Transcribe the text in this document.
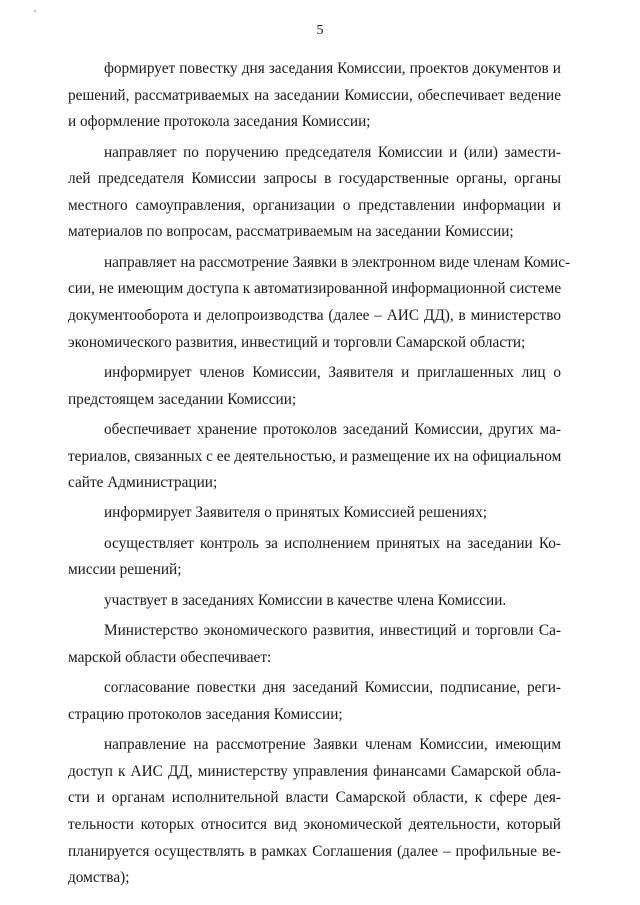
5
формирует повестку дня заседания Комиссии, проектов документов и
решений, рассматриваемых на заседании Комиссии, обеспечивает ведение
и оформление протокола заседания Комиссии;
направляет по поручению председателя Комиссии и (или) замести-
лей председателя Комиссии запросы в государственные органы, органы
местного самоуправления, организации о представлении информации и
материалов по вопросам, рассматриваемым на заседании Комиссии;
направляет на рассмотрение Заявки в электронном виде членам Комис-
сии, не имеющим доступа к автоматизированной информационной системе
документооборота и делопроизводства (далее – АИС ДД), в министерство
экономического развития, инвестиций и торговли Самарской области;
информирует членов Комиссии, Заявителя и приглашенных лиц о
предстоящем заседании Комиссии;
обеспечивает хранение протоколов заседаний Комиссии, других ма-
териалов, связанных с ее деятельностью, и размещение их на официальном
сайте Администрации;
информирует Заявителя о принятых Комиссией решениях;
осуществляет контроль за исполнением принятых на заседании Ко-
миссии решений;
участвует в заседаниях Комиссии в качестве члена Комиссии.
Министерство экономического развития, инвестиций и торговли Са-
марской области обеспечивает:
согласование повестки дня заседаний Комиссии, подписание, реги-
страцию протоколов заседания Комиссии;
направление на рассмотрение Заявки членам Комиссии, имеющим
доступ к АИС ДД, министерству управления финансами Самарской обла-
сти и органам исполнительной власти Самарской области, к сфере дея-
тельности которых относится вид экономической деятельности, который
планируется осуществлять в рамках Соглашения (далее – профильные ве-
домства);
